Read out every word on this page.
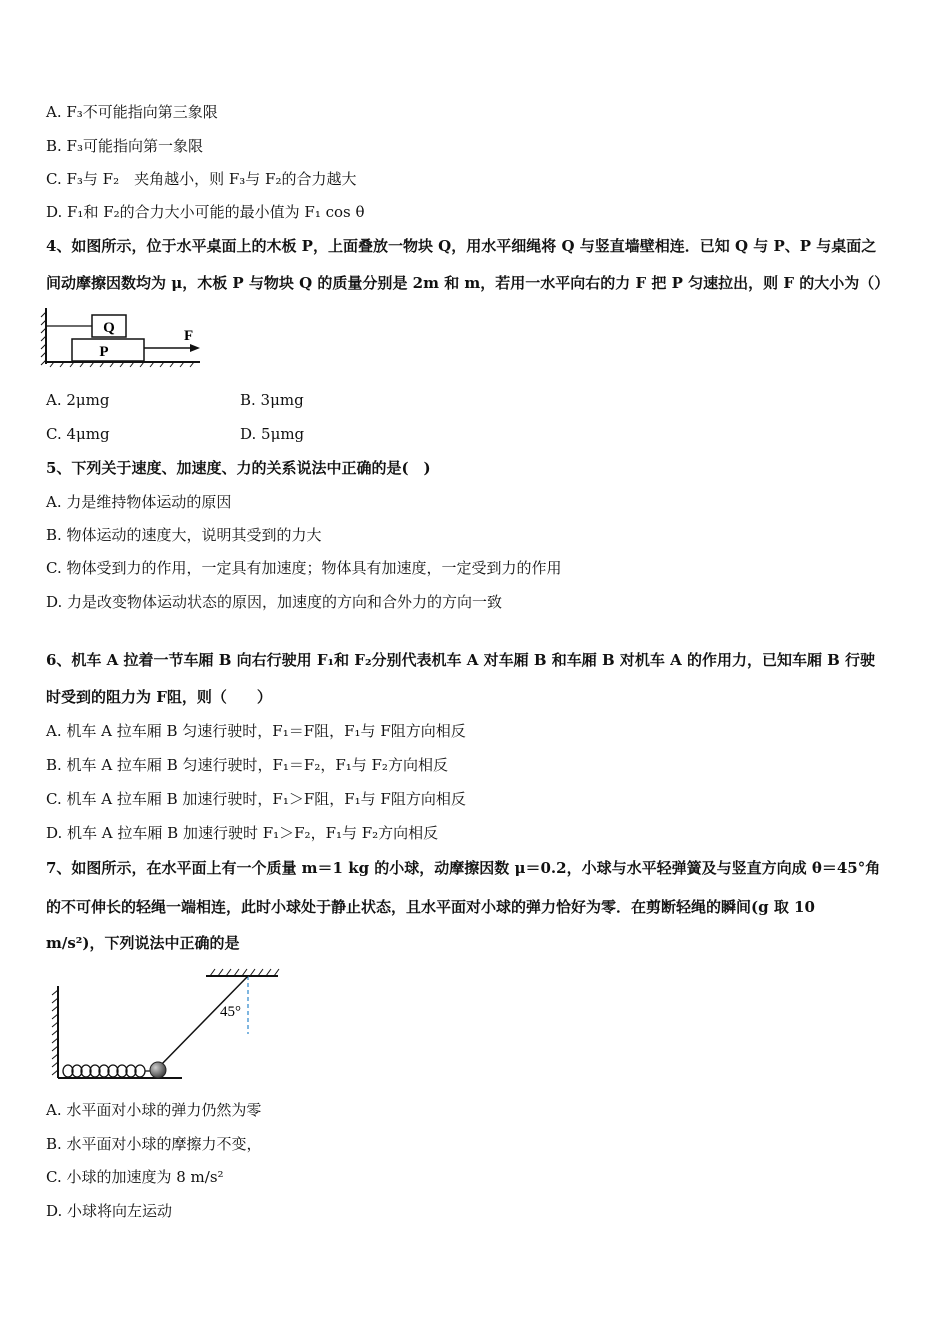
A. F₃不可能指向第三象限
B. F₃可能指向第一象限
C. F₃与 F₂　夹角越小，则 F₃与 F₂的合力越大
D. F₁和 F₂的合力大小可能的最小值为 F₁ cos θ
4、如图所示，位于水平桌面上的木板 P，上面叠放一物块 Q，用水平细绳将 Q 与竖直墙壁相连．已知 Q 与 P、P 与桌面之
间动摩擦因数均为 μ，木板 P 与物块 Q 的质量分别是 2m 和 m，若用一水平向右的力 F 把 P 匀速拉出，则 F 的大小为（）
Q
P
F
A. 2μmg	B. 3μmg
C. 4μmg	D. 5μmg
5、下列关于速度、加速度、力的关系说法中正确的是(　)
A. 力是维持物体运动的原因
B. 物体运动的速度大，说明其受到的力大
C. 物体受到力的作用，一定具有加速度；物体具有加速度，一定受到力的作用
D. 力是改变物体运动状态的原因，加速度的方向和合外力的方向一致
6、机车 A 拉着一节车厢 B 向右行驶用 F₁和 F₂分别代表机车 A 对车厢 B 和车厢 B 对机车 A 的作用力，已知车厢 B 行驶
时受到的阻力为 F阻，则（　　）
A. 机车 A 拉车厢 B 匀速行驶时，F₁＝F阻，F₁与 F阻方向相反
B. 机车 A 拉车厢 B 匀速行驶时，F₁＝F₂，F₁与 F₂方向相反
C. 机车 A 拉车厢 B 加速行驶时，F₁＞F阻，F₁与 F阻方向相反
D. 机车 A 拉车厢 B 加速行驶时 F₁＞F₂，F₁与 F₂方向相反
7、如图所示，在水平面上有一个质量 m＝1 kg 的小球，动摩擦因数 μ＝0.2，小球与水平轻弹簧及与竖直方向成 θ＝45°角
的不可伸长的轻绳一端相连，此时小球处于静止状态，且水平面对小球的弹力恰好为零．在剪断轻绳的瞬间(g 取 10
m/s²)，下列说法中正确的是
45°
A. 水平面对小球的弹力仍然为零
B. 水平面对小球的摩擦力不变，
C. 小球的加速度为 8 m/s²
D. 小球将向左运动
